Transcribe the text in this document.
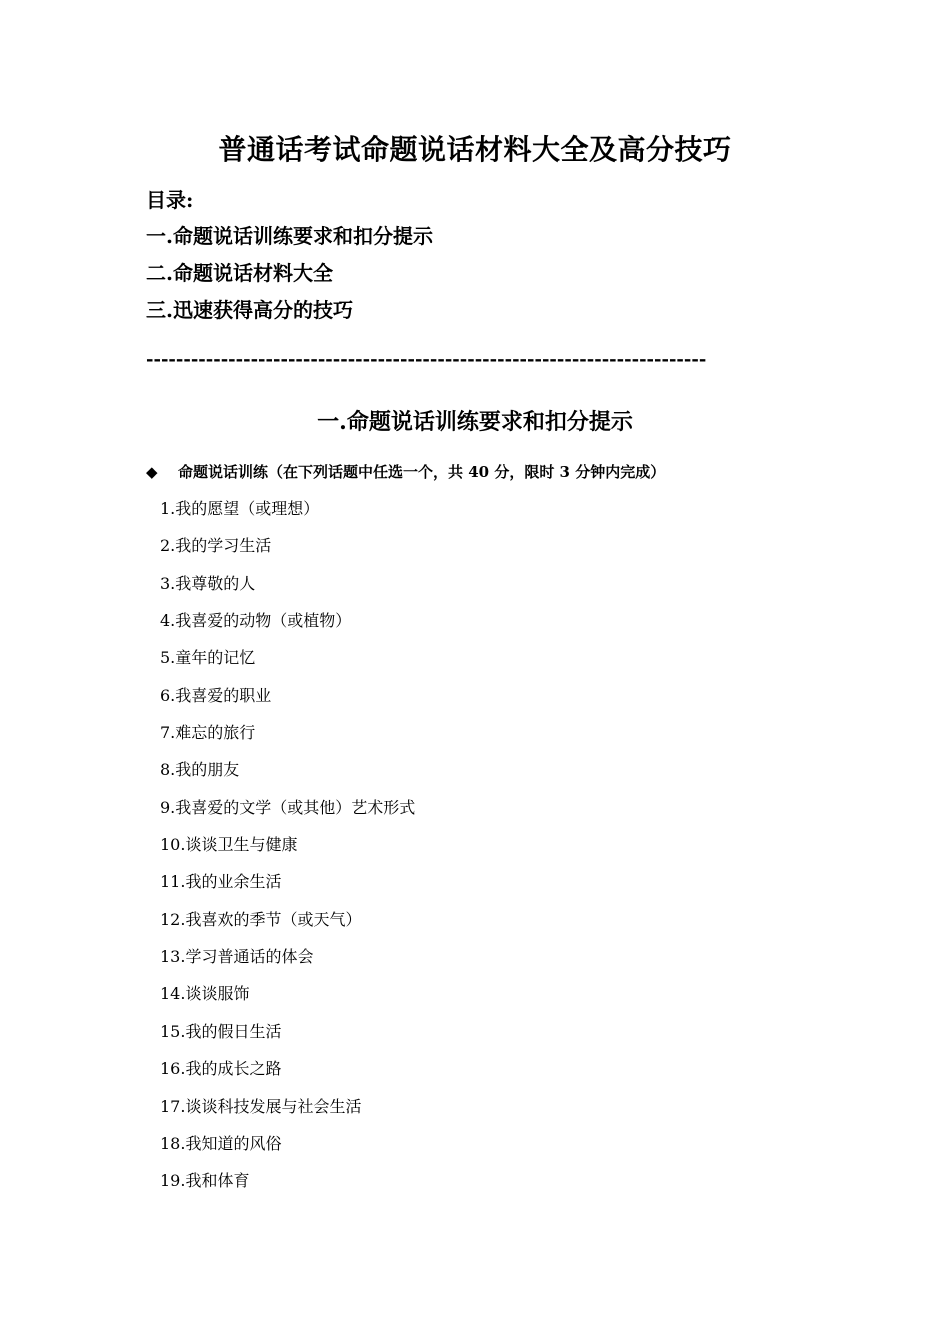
普通话考试命题说话材料大全及高分技巧
目录:
一.命题说话训练要求和扣分提示
二.命题说话材料大全
三.迅速获得高分的技巧
---------------------------------------------------------------------------
一.命题说话训练要求和扣分提示
◆ 命题说话训练（在下列话题中任选一个，共 40 分，限时 3 分钟内完成）
1.我的愿望（或理想）
2.我的学习生活
3.我尊敬的人
4.我喜爱的动物（或植物）
5.童年的记忆
6.我喜爱的职业
7.难忘的旅行
8.我的朋友
9.我喜爱的文学（或其他）艺术形式
10.谈谈卫生与健康
11.我的业余生活
12.我喜欢的季节（或天气）
13.学习普通话的体会
14.谈谈服饰
15.我的假日生活
16.我的成长之路
17.谈谈科技发展与社会生活
18.我知道的风俗
19.我和体育
